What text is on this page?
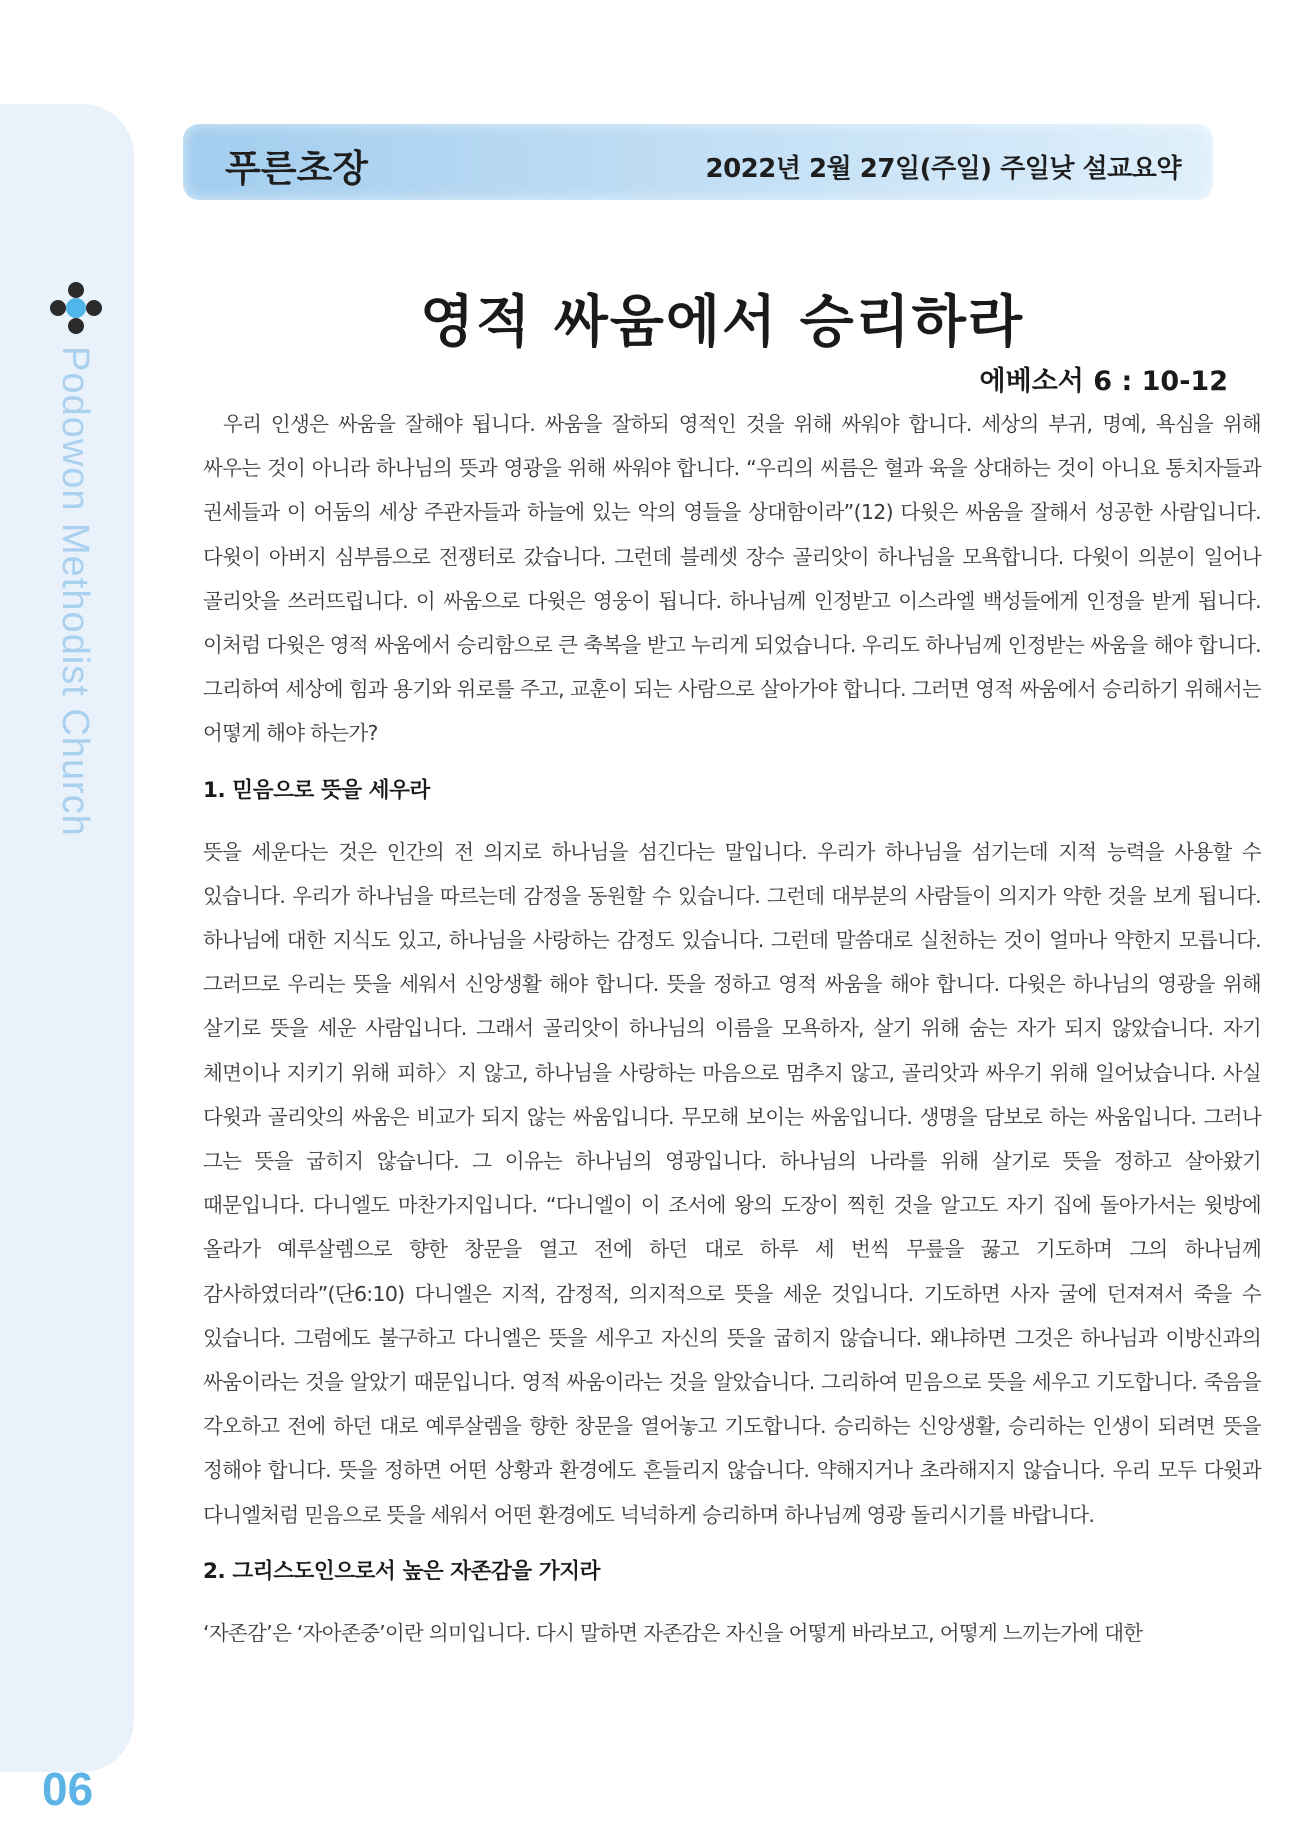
Podowon Methodist Church
06
푸른초장	2022년 2월 27일(주일) 주일낮 설교요약
영적 싸움에서 승리하라
에베소서 6 : 10-12

우리 인생은 싸움을 잘해야 됩니다. 싸움을 잘하되 영적인 것을 위해 싸워야 합니다. 세상의 부귀, 명예, 욕심을 위해 싸우는 것이 아니라 하나님의 뜻과 영광을 위해 싸워야 합니다. “우리의 씨름은 혈과 육을 상대하는 것이 아니요 통치자들과 권세들과 이 어둠의 세상 주관자들과 하늘에 있는 악의 영들을 상대함이라”(12) 다윗은 싸움을 잘해서 성공한 사람입니다. 다윗이 아버지 심부름으로 전쟁터로 갔습니다. 그런데 블레셋 장수 골리앗이 하나님을 모욕합니다. 다윗이 의분이 일어나 골리앗을 쓰러뜨립니다. 이 싸움으로 다윗은 영웅이 됩니다. 하나님께 인정받고 이스라엘 백성들에게 인정을 받게 됩니다. 이처럼 다윗은 영적 싸움에서 승리함으로 큰 축복을 받고 누리게 되었습니다. 우리도 하나님께 인정받는 싸움을 해야 합니다. 그리하여 세상에 힘과 용기와 위로를 주고, 교훈이 되는 사람으로 살아가야 합니다. 그러면 영적 싸움에서 승리하기 위해서는 어떻게 해야 하는가?

1. 믿음으로 뜻을 세우라

뜻을 세운다는 것은 인간의 전 의지로 하나님을 섬긴다는 말입니다. 우리가 하나님을 섬기는데 지적 능력을 사용할 수 있습니다. 우리가 하나님을 따르는데 감정을 동원할 수 있습니다. 그런데 대부분의 사람들이 의지가 약한 것을 보게 됩니다. 하나님에 대한 지식도 있고, 하나님을 사랑하는 감정도 있습니다. 그런데 말씀대로 실천하는 것이 얼마나 약한지 모릅니다. 그러므로 우리는 뜻을 세워서 신앙생활 해야 합니다. 뜻을 정하고 영적 싸움을 해야 합니다. 다윗은 하나님의 영광을 위해 살기로 뜻을 세운 사람입니다. 그래서 골리앗이 하나님의 이름을 모욕하자, 살기 위해 숨는 자가 되지 않았습니다. 자기 체면이나 지키기 위해 피하〉지 않고, 하나님을 사랑하는 마음으로 멈추지 않고, 골리앗과 싸우기 위해 일어났습니다. 사실 다윗과 골리앗의 싸움은 비교가 되지 않는 싸움입니다. 무모해 보이는 싸움입니다. 생명을 담보로 하는 싸움입니다. 그러나 그는 뜻을 굽히지 않습니다. 그 이유는 하나님의 영광입니다. 하나님의 나라를 위해 살기로 뜻을 정하고 살아왔기 때문입니다. 다니엘도 마찬가지입니다. “다니엘이 이 조서에 왕의 도장이 찍힌 것을 알고도 자기 집에 돌아가서는 윗방에 올라가 예루살렘으로 향한 창문을 열고 전에 하던 대로 하루 세 번씩 무릎을 꿇고 기도하며 그의 하나님께 감사하였더라”(단6:10) 다니엘은 지적, 감정적, 의지적으로 뜻을 세운 것입니다. 기도하면 사자 굴에 던져져서 죽을 수 있습니다. 그럼에도 불구하고 다니엘은 뜻을 세우고 자신의 뜻을 굽히지 않습니다. 왜냐하면 그것은 하나님과 이방신과의 싸움이라는 것을 알았기 때문입니다. 영적 싸움이라는 것을 알았습니다. 그리하여 믿음으로 뜻을 세우고 기도합니다. 죽음을 각오하고 전에 하던 대로 예루살렘을 향한 창문을 열어놓고 기도합니다. 승리하는 신앙생활, 승리하는 인생이 되려면 뜻을 정해야 합니다. 뜻을 정하면 어떤 상황과 환경에도 흔들리지 않습니다. 약해지거나 초라해지지 않습니다. 우리 모두 다윗과 다니엘처럼 믿음으로 뜻을 세워서 어떤 환경에도 넉넉하게 승리하며 하나님께 영광 돌리시기를 바랍니다.

2. 그리스도인으로서 높은 자존감을 가지라

‘자존감’은 ‘자아존중’이란 의미입니다. 다시 말하면 자존감은 자신을 어떻게 바라보고, 어떻게 느끼는가에 대한
